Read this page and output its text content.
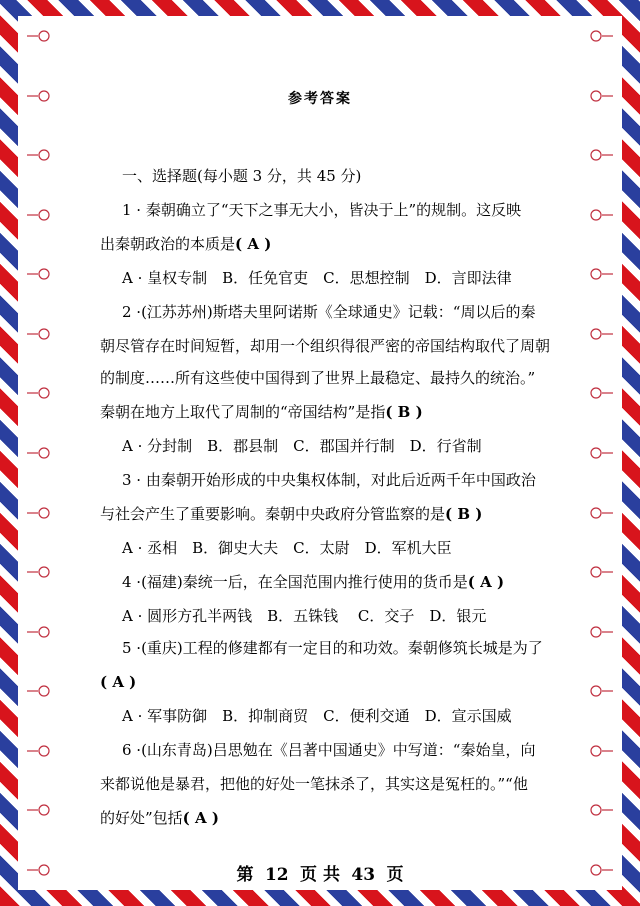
参考答案
一、选择题(每小题 3 分，共 45 分)
1 · 秦朝确立了“天下之事无大小，皆决于上”的规制。这反映
出秦朝政治的本质是( A )
A · 皇权专制　B．任免官吏　C．思想控制　D．言即法律
2 ·(江苏苏州)斯塔夫里阿诺斯《全球通史》记载：“周以后的秦
朝尽管存在时间短暂，却用一个组织得很严密的帝国结构取代了周朝
的制度……所有这些使中国得到了世界上最稳定、最持久的统治。”
秦朝在地方上取代了周制的“帝国结构”是指( B )
A · 分封制　B．郡县制　C．郡国并行制　D．行省制
3 · 由秦朝开始形成的中央集权体制，对此后近两千年中国政治
与社会产生了重要影响。秦朝中央政府分管监察的是( B )
A · 丞相　B．御史大夫　C．太尉　D．军机大臣
4 ·(福建)秦统一后，在全国范围内推行使用的货币是( A )
A · 圆形方孔半两钱　B．五铢钱　 C．交子　D．银元
5 ·(重庆)工程的修建都有一定目的和功效。秦朝修筑长城是为了
( A )
A · 军事防御　B．抑制商贸　C．便利交通　D．宣示国威
6 ·(山东青岛)吕思勉在《吕著中国通史》中写道：“秦始皇，向
来都说他是暴君，把他的好处一笔抹杀了，其实这是冤枉的。”“他
的好处”包括( A )
第 12 页 共 43 页
